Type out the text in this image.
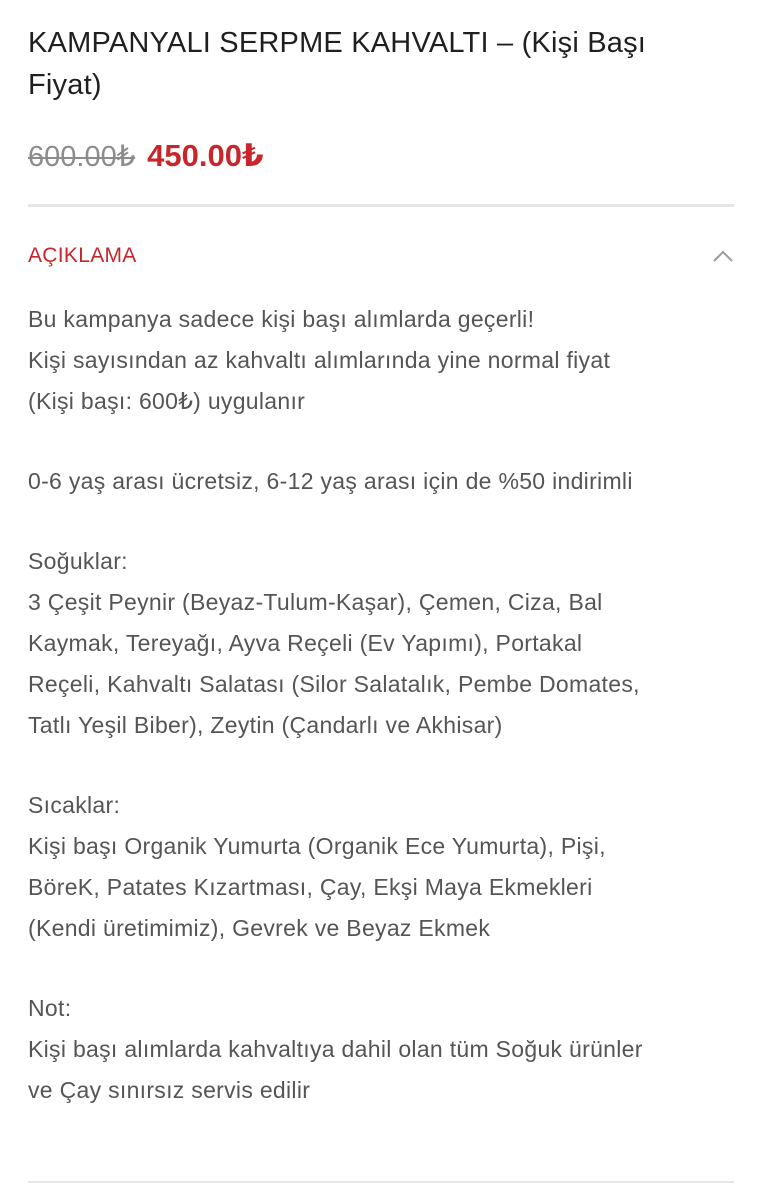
KAMPANYALI SERPME KAHVALTI – (Kişi Başı
Fiyat)
600.00₺ 450.00₺
AÇIKLAMA

Bu kampanya sadece kişi başı alımlarda geçerli!
Kişi sayısından az kahvaltı alımlarında yine normal fiyat
(Kişi başı: 600₺) uygulanır

0-6 yaş arası ücretsiz, 6-12 yaş arası için de %50 indirimli

Soğuklar:
3 Çeşit Peynir (Beyaz-Tulum-Kaşar), Çemen, Ciza, Bal
Kaymak, Tereyağı, Ayva Reçeli (Ev Yapımı), Portakal
Reçeli, Kahvaltı Salatası (Silor Salatalık, Pembe Domates,
Tatlı Yeşil Biber), Zeytin (Çandarlı ve Akhisar)

Sıcaklar:
Kişi başı Organik Yumurta (Organik Ece Yumurta), Pişi,
BöreK, Patates Kızartması, Çay, Ekşi Maya Ekmekleri
(Kendi üretimimiz), Gevrek ve Beyaz Ekmek

Not:
Kişi başı alımlarda kahvaltıya dahil olan tüm Soğuk ürünler
ve Çay sınırsız servis edilir
